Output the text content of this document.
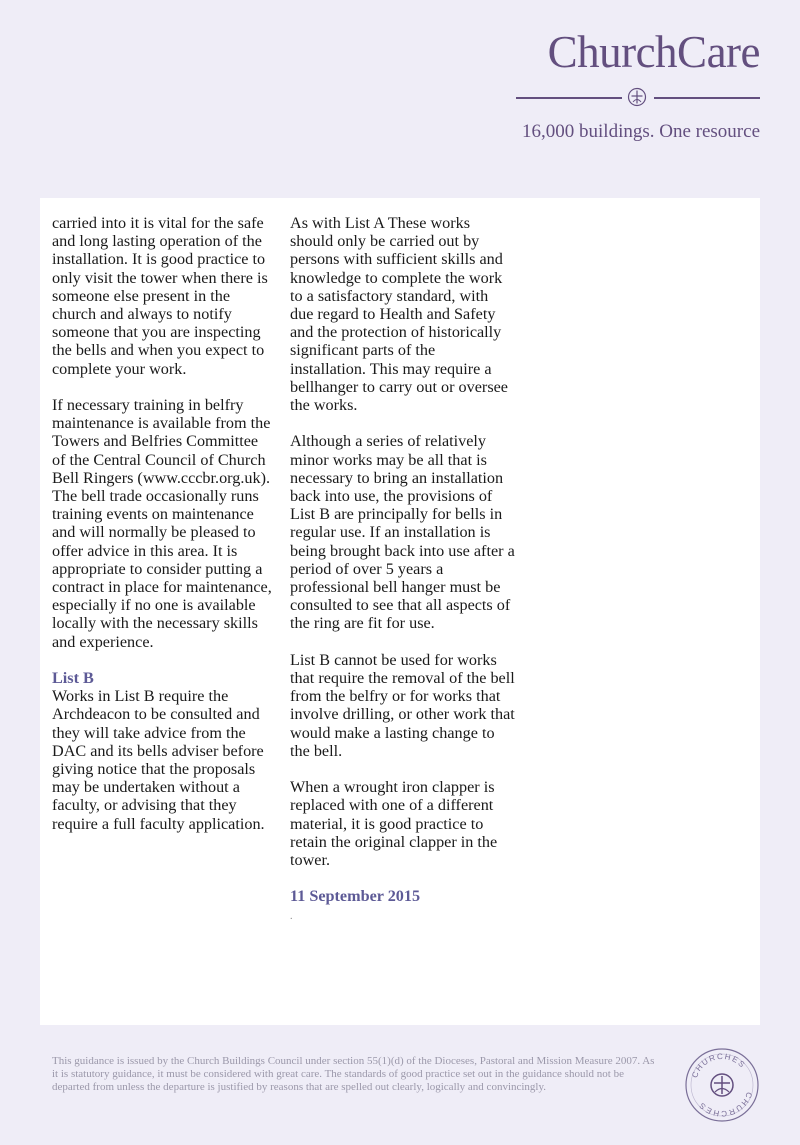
ChurchCare
16,000 buildings. One resource

carried into it is vital for the safe and long lasting operation of the installation. It is good practice to only visit the tower when there is someone else present in the church and always to notify someone that you are inspecting the bells and when you expect to complete your work.

If necessary training in belfry maintenance is available from the Towers and Belfries Committee of the Central Council of Church Bell Ringers (www.cccbr.org.uk). The bell trade occasionally runs training events on maintenance and will normally be pleased to offer advice in this area. It is appropriate to consider putting a contract in place for maintenance, especially if no one is available locally with the necessary skills and experience.

List B

Works in List B require the Archdeacon to be consulted and they will take advice from the DAC and its bells adviser before giving notice that the proposals may be undertaken without a faculty, or advising that they require a full faculty application.

As with List A These works should only be carried out by persons with sufficient skills and knowledge to complete the work to a satisfactory standard, with due regard to Health and Safety and the protection of historically significant parts of the installation. This may require a bellhanger to carry out or oversee the works.

Although a series of relatively minor works may be all that is necessary to bring an installation back into use, the provisions of List B are principally for bells in regular use. If an installation is being brought back into use after a period of over 5 years a professional bell hanger must be consulted to see that all aspects of the ring are fit for use.

List B cannot be used for works that require the removal of the bell from the belfry or for works that involve drilling, or other work that would make a lasting change to the bell.

When a wrought iron clapper is replaced with one of a different material, it is good practice to retain the original clapper in the tower.

11 September 2015
.
This guidance is issued by the Church Buildings Council under section 55(1)(d) of the Dioceses, Pastoral and Mission Measure 2007. As it is statutory guidance, it must be considered with great care. The standards of good practice set out in the guidance should not be departed from unless the departure is justified by reasons that are spelled out clearly, logically and convincingly.
CHURCHES
CHURCHES
